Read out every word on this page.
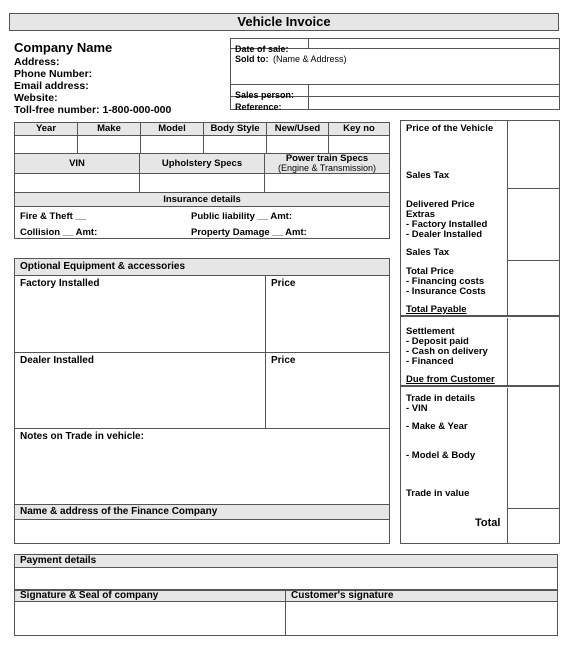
Vehicle Invoice
Company Name
Address:
Phone Number:
Email address:
Website:
Toll-free number: 1-800-000-000
Date of sale:
Sold to: (Name & Address)
Sales person:
Reference:
Year	Make	Model	Body Style	New/Used	Key no
VIN	Upholstery Specs	Power train Specs
(Engine & Transmission)
Insurance details
Fire & Theft __	Public liability __ Amt:
Collision __ Amt:	Property Damage __ Amt:
Optional Equipment & accessories
Factory Installed	Price
Dealer Installed	Price
Notes on Trade in vehicle:
Name & address of the Finance Company
Price of the Vehicle
Sales Tax
Delivered Price
Extras
- Factory Installed
- Dealer Installed
Sales Tax
Total Price
- Financing costs
- Insurance Costs
Total Payable
Settlement
- Deposit paid
- Cash on delivery
- Financed
Due from Customer
Trade in details
- VIN
- Make & Year
- Model & Body
Trade in value
Total
Payment details
Signature & Seal of company	Customer's signature
